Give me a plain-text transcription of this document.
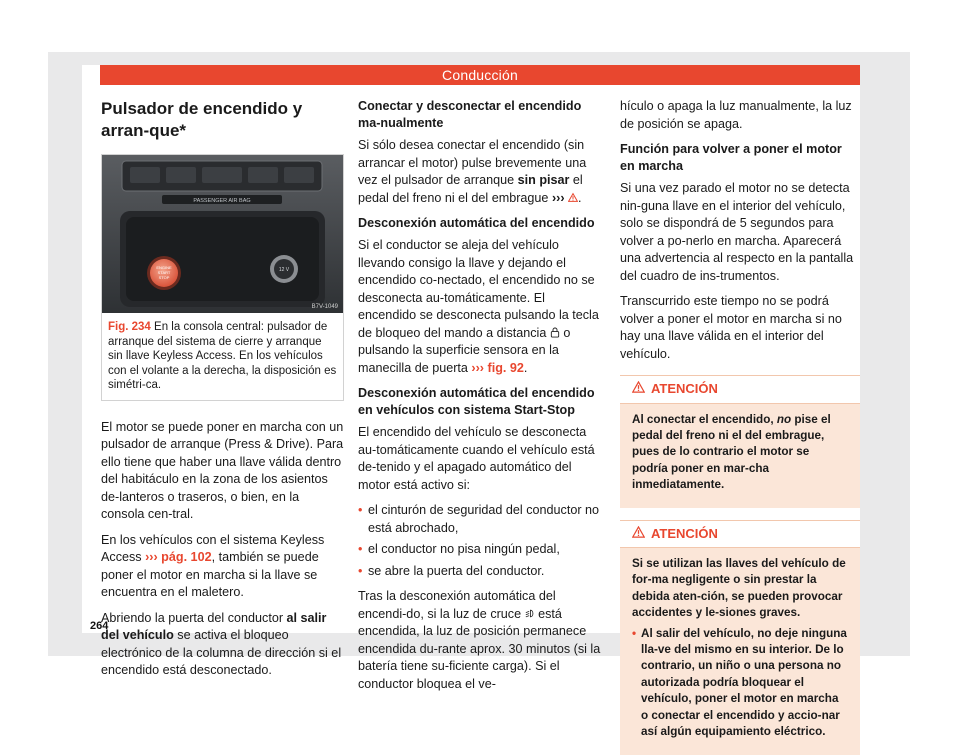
Conducción
Pulsador de encendido y arran-que*
PASSENGER AIR BAG
ENGINE
START
STOP
12 V
B7V-1049
Fig. 234 En la consola central: pulsador de arranque del sistema de cierre y arranque sin llave Keyless Access. En los vehículos con el volante a la derecha, la disposición es simétri-ca.

El motor se puede poner en marcha con un pulsador de arranque (Press & Drive). Para ello tiene que haber una llave válida dentro del habitáculo en la zona de los asientos de-lanteros o traseros, o bien, en la consola cen-tral.

En los vehículos con el sistema Keyless Access ››› pág. 102, también se puede poner el motor en marcha si la llave se encuentra en el maletero.

Abriendo la puerta del conductor al salir del vehículo se activa el bloqueo electrónico de la columna de dirección si el encendido está desconectado.

Conectar y desconectar el encendido ma-nualmente

Si sólo desea conectar el encendido (sin arrancar el motor) pulse brevemente una vez el pulsador de arranque sin pisar el pedal del freno ni el del embrague ››› .

Desconexión automática del encendido

Si el conductor se aleja del vehículo llevando consigo la llave y dejando el encendido co-nectado, el encendido no se desconecta au-tomáticamente. El encendido se desconecta pulsando la tecla de bloqueo del mando a distancia  o pulsando la superficie sensora en la manecilla de puerta ››› fig. 92.

Desconexión automática del encendido en vehículos con sistema Start-Stop

El encendido del vehículo se desconecta au-tomáticamente cuando el vehículo está de-tenido y el apagado automático del motor está activo si:

• el cinturón de seguridad del conductor no está abrochado,
• el conductor no pisa ningún pedal,
• se abre la puerta del conductor.

Tras la desconexión automática del encendi-do, si la luz de cruce  está encendida, la luz de posición permanece encendida du-rante aprox. 30 minutos (si la batería tiene su-ficiente carga). Si el conductor bloquea el ve-

hículo o apaga la luz manualmente, la luz de posición se apaga.

Función para volver a poner el motor en marcha

Si una vez parado el motor no se detecta nin-guna llave en el interior del vehículo, solo se dispondrá de 5 segundos para volver a po-nerlo en marcha. Aparecerá una advertencia al respecto en la pantalla del cuadro de ins-trumentos.

Transcurrido este tiempo no se podrá volver a poner el motor en marcha si no hay una llave válida en el interior del vehículo.

ATENCIÓN

Al conectar el encendido, no pise el pedal del freno ni el del embrague, pues de lo contrario el motor se podría poner en mar-cha inmediatamente.

ATENCIÓN

Si se utilizan las llaves del vehículo de for-ma negligente o sin prestar la debida aten-ción, se pueden provocar accidentes y le-siones graves.

• Al salir del vehículo, no deje ninguna lla-ve del mismo en su interior. De lo contrario, un niño o una persona no autorizada podría bloquear el vehículo, poner el motor en marcha o conectar el encendido y accio-nar así algún equipamiento eléctrico.

264
